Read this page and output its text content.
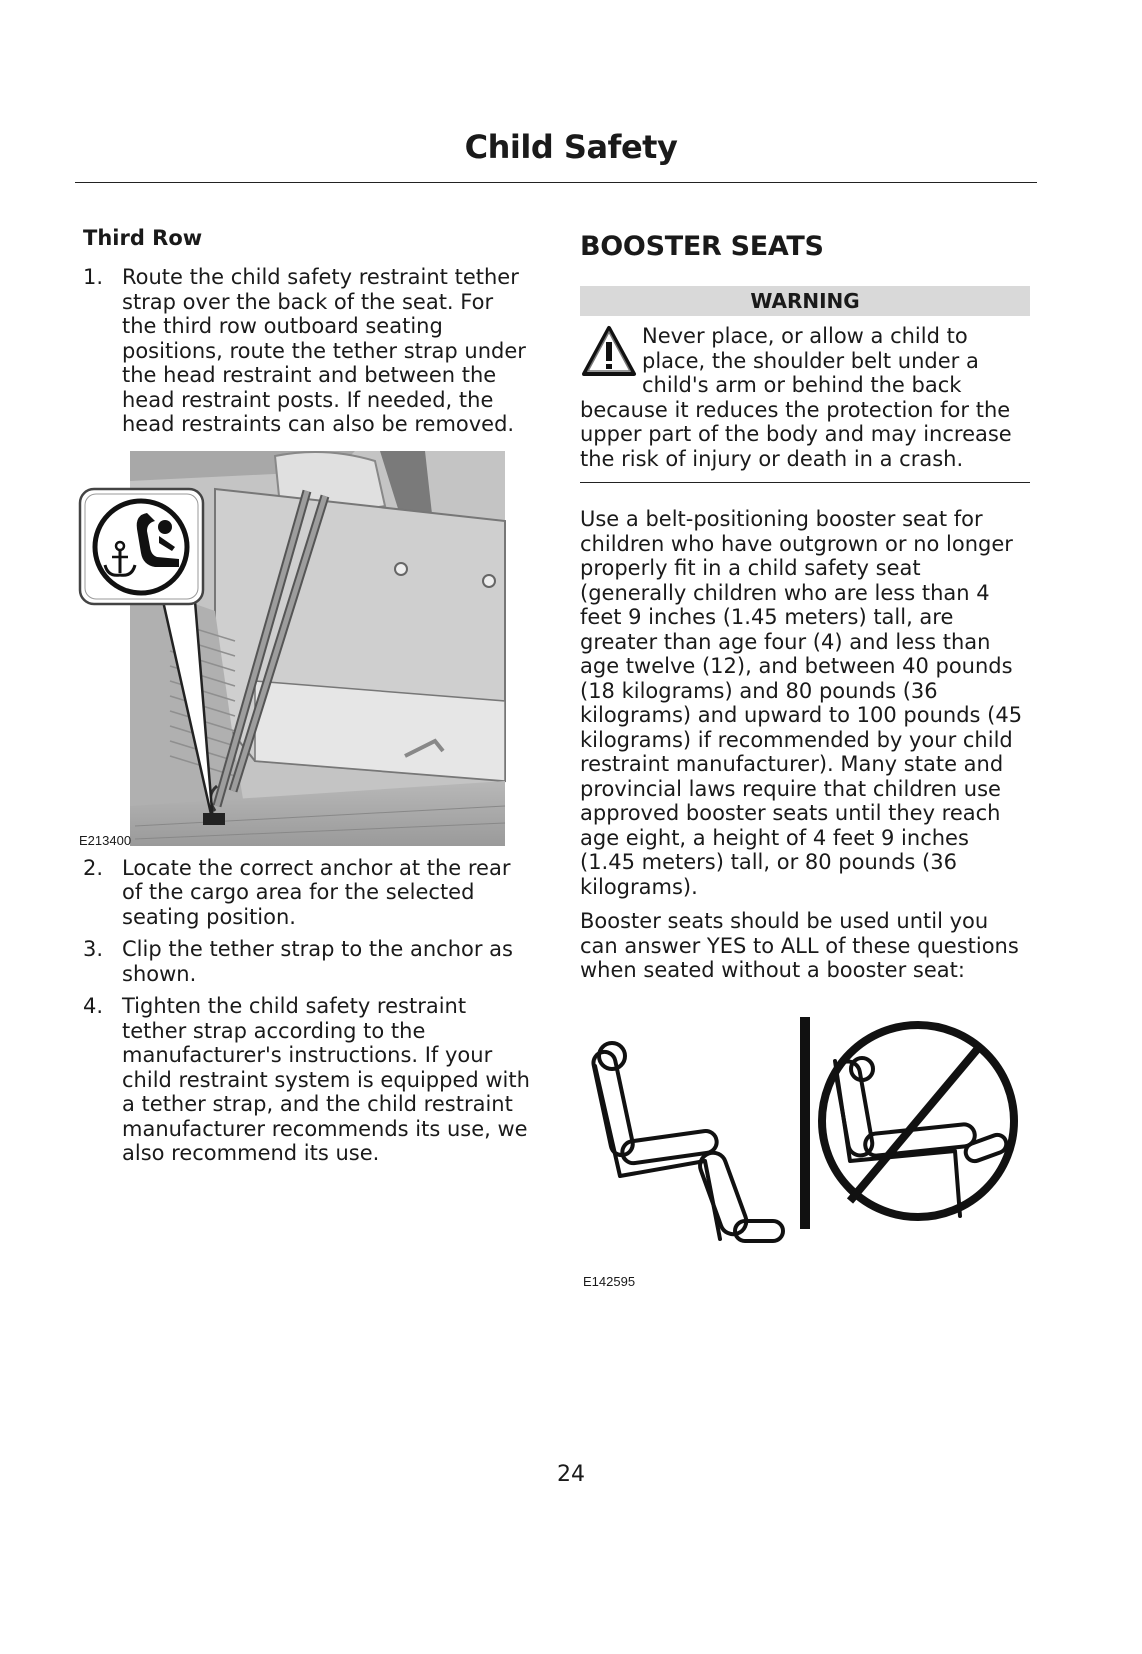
Child Safety
Third Row
1. Route the child safety restraint tether strap over the back of the seat. For the third row outboard seating positions, route the tether strap under the head restraint and between the head restraint posts. If needed, the head restraints can also be removed.
E213400
2. Locate the correct anchor at the rear of the cargo area for the selected seating position.
3. Clip the tether strap to the anchor as shown.
4. Tighten the child safety restraint tether strap according to the manufacturer's instructions. If your child restraint system is equipped with a tether strap, and the child restraint manufacturer recommends its use, we also recommend its use.
BOOSTER SEATS
WARNING
Never place, or allow a child to place, the shoulder belt under a child's arm or behind the back because it reduces the protection for the upper part of the body and may increase the risk of injury or death in a crash.

Use a belt-positioning booster seat for children who have outgrown or no longer properly fit in a child safety seat (generally children who are less than 4 feet 9 inches (1.45 meters) tall, are greater than age four (4) and less than age twelve (12), and between 40 pounds (18 kilograms) and 80 pounds (36 kilograms) and upward to 100 pounds (45 kilograms) if recommended by your child restraint manufacturer). Many state and provincial laws require that children use approved booster seats until they reach age eight, a height of 4 feet 9 inches (1.45 meters) tall, or 80 pounds (36 kilograms).

Booster seats should be used until you can answer YES to ALL of these questions when seated without a booster seat:

E142595
24
